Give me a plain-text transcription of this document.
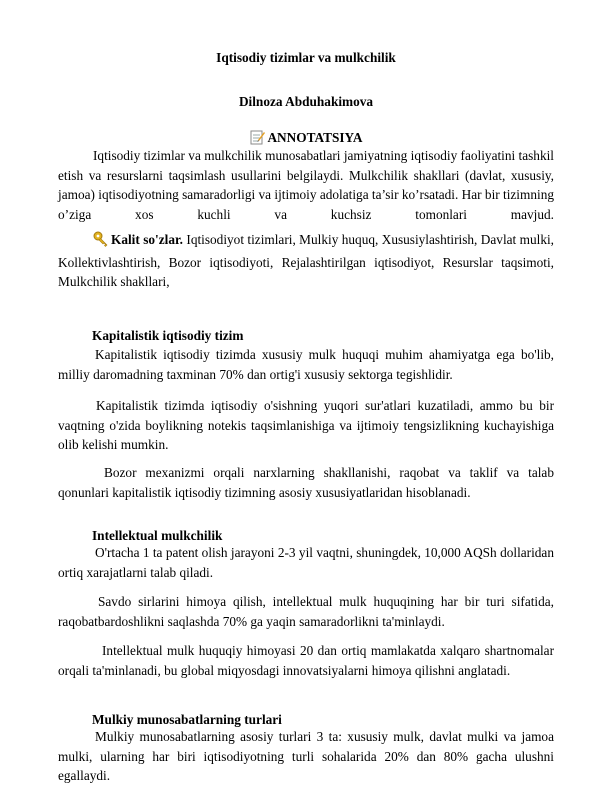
Iqtisodiy tizimlar va mulkchilik
Dilnoza Abduhakimova
ANNOTATSIYA
Iqtisodiy tizimlar va mulkchilik munosabatlari jamiyatning iqtisodiy faoliyatini tashkil etish va resurslarni taqsimlash usullarini belgilaydi. Mulkchilik shakllari (davlat, xususiy, jamoa) iqtisodiyotning samaradorligi va ijtimoiy adolatiga ta’sir ko’rsatadi. Har bir tizimning o’ziga xos kuchli va kuchsiz tomonlari mavjud.
Kalit so'zlar. Iqtisodiyot tizimlari, Mulkiy huquq, Xususiylashtirish, Davlat mulki, Kollektivlashtirish, Bozor iqtisodiyoti, Rejalashtirilgan iqtisodiyot, Resurslar taqsimoti, Mulkchilik shakllari,
Kapitalistik iqtisodiy tizim
Kapitalistik iqtisodiy tizimda xususiy mulk huquqi muhim ahamiyatga ega bo'lib, milliy daromadning taxminan 70% dan ortig'i xususiy sektorga tegishlidir.
Kapitalistik tizimda iqtisodiy o'sishning yuqori sur'atlari kuzatiladi, ammo bu bir vaqtning o'zida boylikning notekis taqsimlanishiga va ijtimoiy tengsizlikning kuchayishiga olib kelishi mumkin.
Bozor mexanizmi orqali narxlarning shakllanishi, raqobat va taklif va talab qonunlari kapitalistik iqtisodiy tizimning asosiy xususiyatlaridan hisoblanadi.
Intellektual mulkchilik
O'rtacha 1 ta patent olish jarayoni 2-3 yil vaqtni, shuningdek, 10,000 AQSh dollaridan ortiq xarajatlarni talab qiladi.
Savdo sirlarini himoya qilish, intellektual mulk huquqining har bir turi sifatida, raqobatbardoshlikni saqlashda 70% ga yaqin samaradorlikni ta'minlaydi.
Intellektual mulk huquqiy himoyasi 20 dan ortiq mamlakatda xalqaro shartnomalar orqali ta'minlanadi, bu global miqyosdagi innovatsiyalarni himoya qilishni anglatadi.
Mulkiy munosabatlarning turlari
Mulkiy munosabatlarning asosiy turlari 3 ta: xususiy mulk, davlat mulki va jamoa mulki, ularning har biri iqtisodiyotning turli sohalarida 20% dan 80% gacha ulushni egallaydi.
